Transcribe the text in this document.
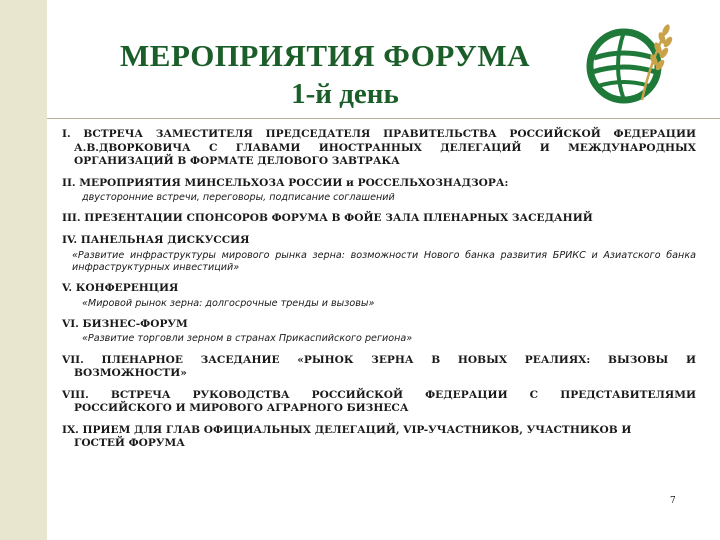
МЕРОПРИЯТИЯ ФОРУМА
1-й день
I. ВСТРЕЧА ЗАМЕСТИТЕЛЯ ПРЕДСЕДАТЕЛЯ ПРАВИТЕЛЬСТВА РОССИЙСКОЙ ФЕДЕРАЦИИ
А.В.ДВОРКОВИЧА С ГЛАВАМИ ИНОСТРАННЫХ ДЕЛЕГАЦИЙ И МЕЖДУНАРОДНЫХ ОРГАНИЗАЦИЙ В ФОРМАТЕ ДЕЛОВОГО ЗАВТРАКА
II. МЕРОПРИЯТИЯ МИНСЕЛЬХОЗА РОССИИ и РОССЕЛЬХОЗНАДЗОРА:
двусторонние встречи, переговоры, подписание соглашений
III. ПРЕЗЕНТАЦИИ СПОНСОРОВ ФОРУМА В ФОЙЕ ЗАЛА ПЛЕНАРНЫХ ЗАСЕДАНИЙ
IV. ПАНЕЛЬНАЯ ДИСКУССИЯ
«Развитие инфраструктуры мирового рынка зерна: возможности Нового банка развития БРИКС и Азиатского банка инфраструктурных инвестиций»
V. КОНФЕРЕНЦИЯ
«Мировой рынок зерна: долгосрочные тренды и вызовы»
VI. БИЗНЕС-ФОРУМ
«Развитие торговли зерном в странах Прикаспийского региона»
VII. ПЛЕНАРНОЕ ЗАСЕДАНИЕ «РЫНОК ЗЕРНА В НОВЫХ РЕАЛИЯХ: ВЫЗОВЫ И
ВОЗМОЖНОСТИ»
VIII. ВСТРЕЧА РУКОВОДСТВА РОССИЙСКОЙ ФЕДЕРАЦИИ С ПРЕДСТАВИТЕЛЯМИ
РОССИЙСКОГО И МИРОВОГО АГРАРНОГО БИЗНЕСА
IX. ПРИЕМ ДЛЯ ГЛАВ ОФИЦИАЛЬНЫХ ДЕЛЕГАЦИЙ, VIP-УЧАСТНИКОВ, УЧАСТНИКОВ И
ГОСТЕЙ ФОРУМА
7
